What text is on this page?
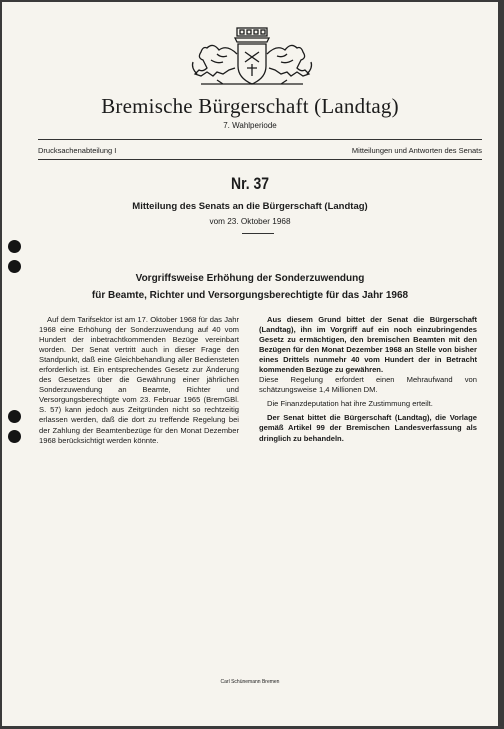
Bremische Bürgerschaft (Landtag)
7. Wahlperiode
Drucksachenabteilung I	Mitteilungen und Antworten des Senats
Nr. 37
Mitteilung des Senats an die Bürgerschaft (Landtag)
vom 23. Oktober 1968
Vorgriffsweise Erhöhung der Sonderzuwendung
für Beamte, Richter und Versorgungsberechtigte für das Jahr 1968

Auf dem Tarifsektor ist am 17. Oktober 1968 für das Jahr 1968 eine Erhöhung der Sonderzuwendung auf 40 vom Hundert der inbetrachtkommenden Bezüge vereinbart worden. Der Senat vertritt auch in dieser Frage den Standpunkt, daß eine Gleichbehandlung aller Bediensteten erforderlich ist. Ein entsprechendes Gesetz zur Änderung des Gesetzes über die Gewährung einer jährlichen Sonderzuwendung an Beamte, Richter und Versorgungsberechtigte vom 23. Februar 1965 (BremGBl. S. 57) kann jedoch aus Zeitgründen nicht so rechtzeitig erlassen werden, daß die dort zu treffende Regelung bei der Zahlung der Beamtenbezüge für den Monat Dezember 1968 berücksichtigt werden könnte.

Aus diesem Grund bittet der Senat die Bürgerschaft (Landtag), ihn im Vorgriff auf ein noch einzubringendes Gesetz zu ermächtigen, den bremischen Beamten mit den Bezügen für den Monat Dezember 1968 an Stelle von bisher eines Drittels nunmehr 40 vom Hundert der in Betracht kommenden Bezüge zu gewähren.

Diese Regelung erfordert einen Mehraufwand von schätzungsweise 1,4 Millionen DM.

Die Finanzdeputation hat ihre Zustimmung erteilt.

Der Senat bittet die Bürgerschaft (Landtag), die Vorlage gemäß Artikel 99 der Bremischen Landesverfassung als dringlich zu behandeln.

Carl Schünemann Bremen
